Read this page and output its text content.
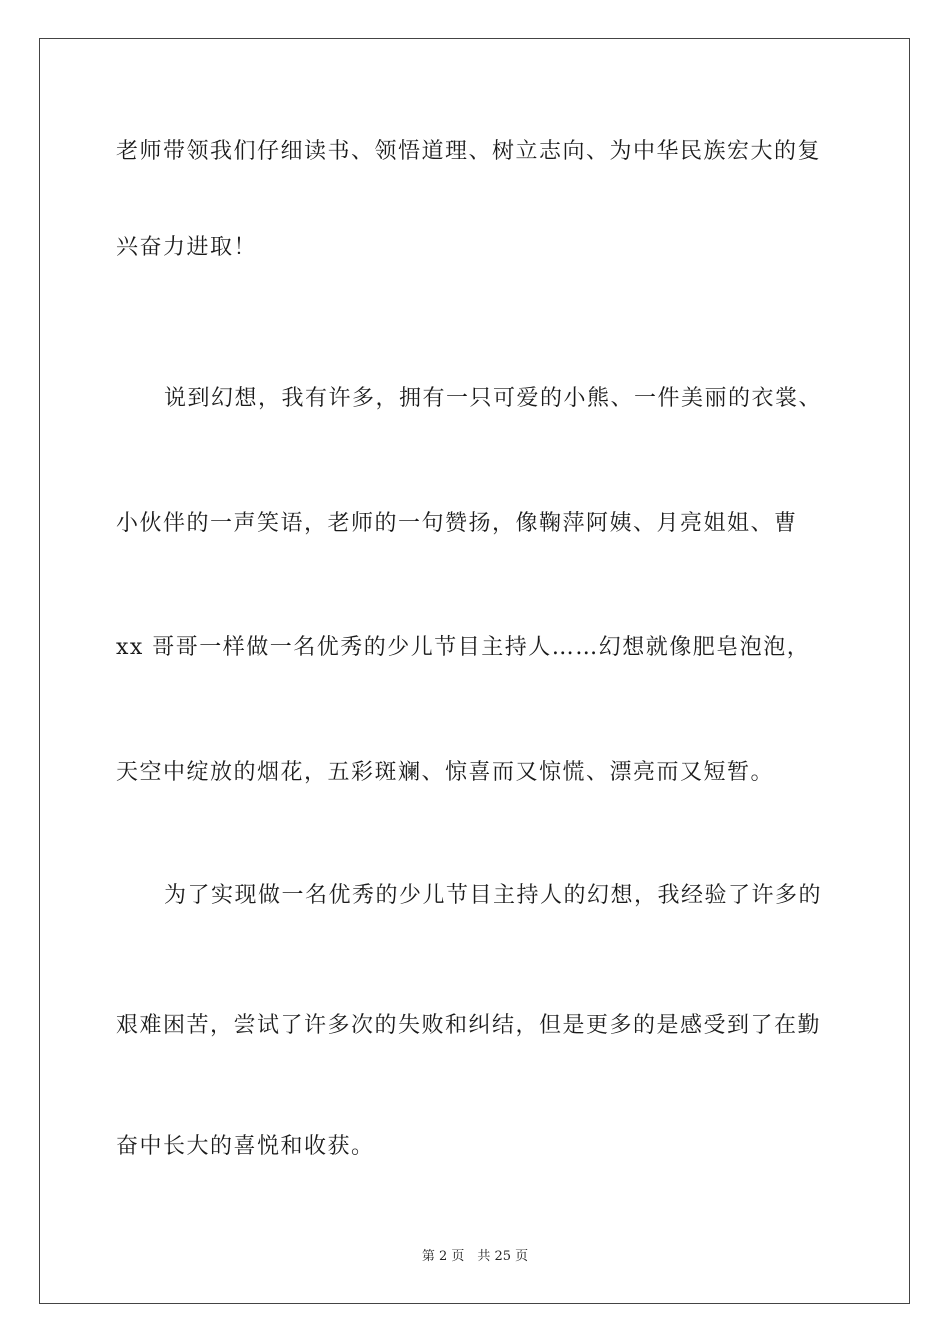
老师带领我们仔细读书、领悟道理、树立志向、为中华民族宏大的复
兴奋力进取！
说到幻想，我有许多，拥有一只可爱的小熊、一件美丽的衣裳、
小伙伴的一声笑语，老师的一句赞扬，像鞠萍阿姨、月亮姐姐、曹
xx 哥哥一样做一名优秀的少儿节目主持人……幻想就像肥皂泡泡，
天空中绽放的烟花，五彩斑斓、惊喜而又惊慌、漂亮而又短暂。
为了实现做一名优秀的少儿节目主持人的幻想，我经验了许多的
艰难困苦，尝试了许多次的失败和纠结，但是更多的是感受到了在勤
奋中长大的喜悦和收获。
第 2 页　共 25 页
